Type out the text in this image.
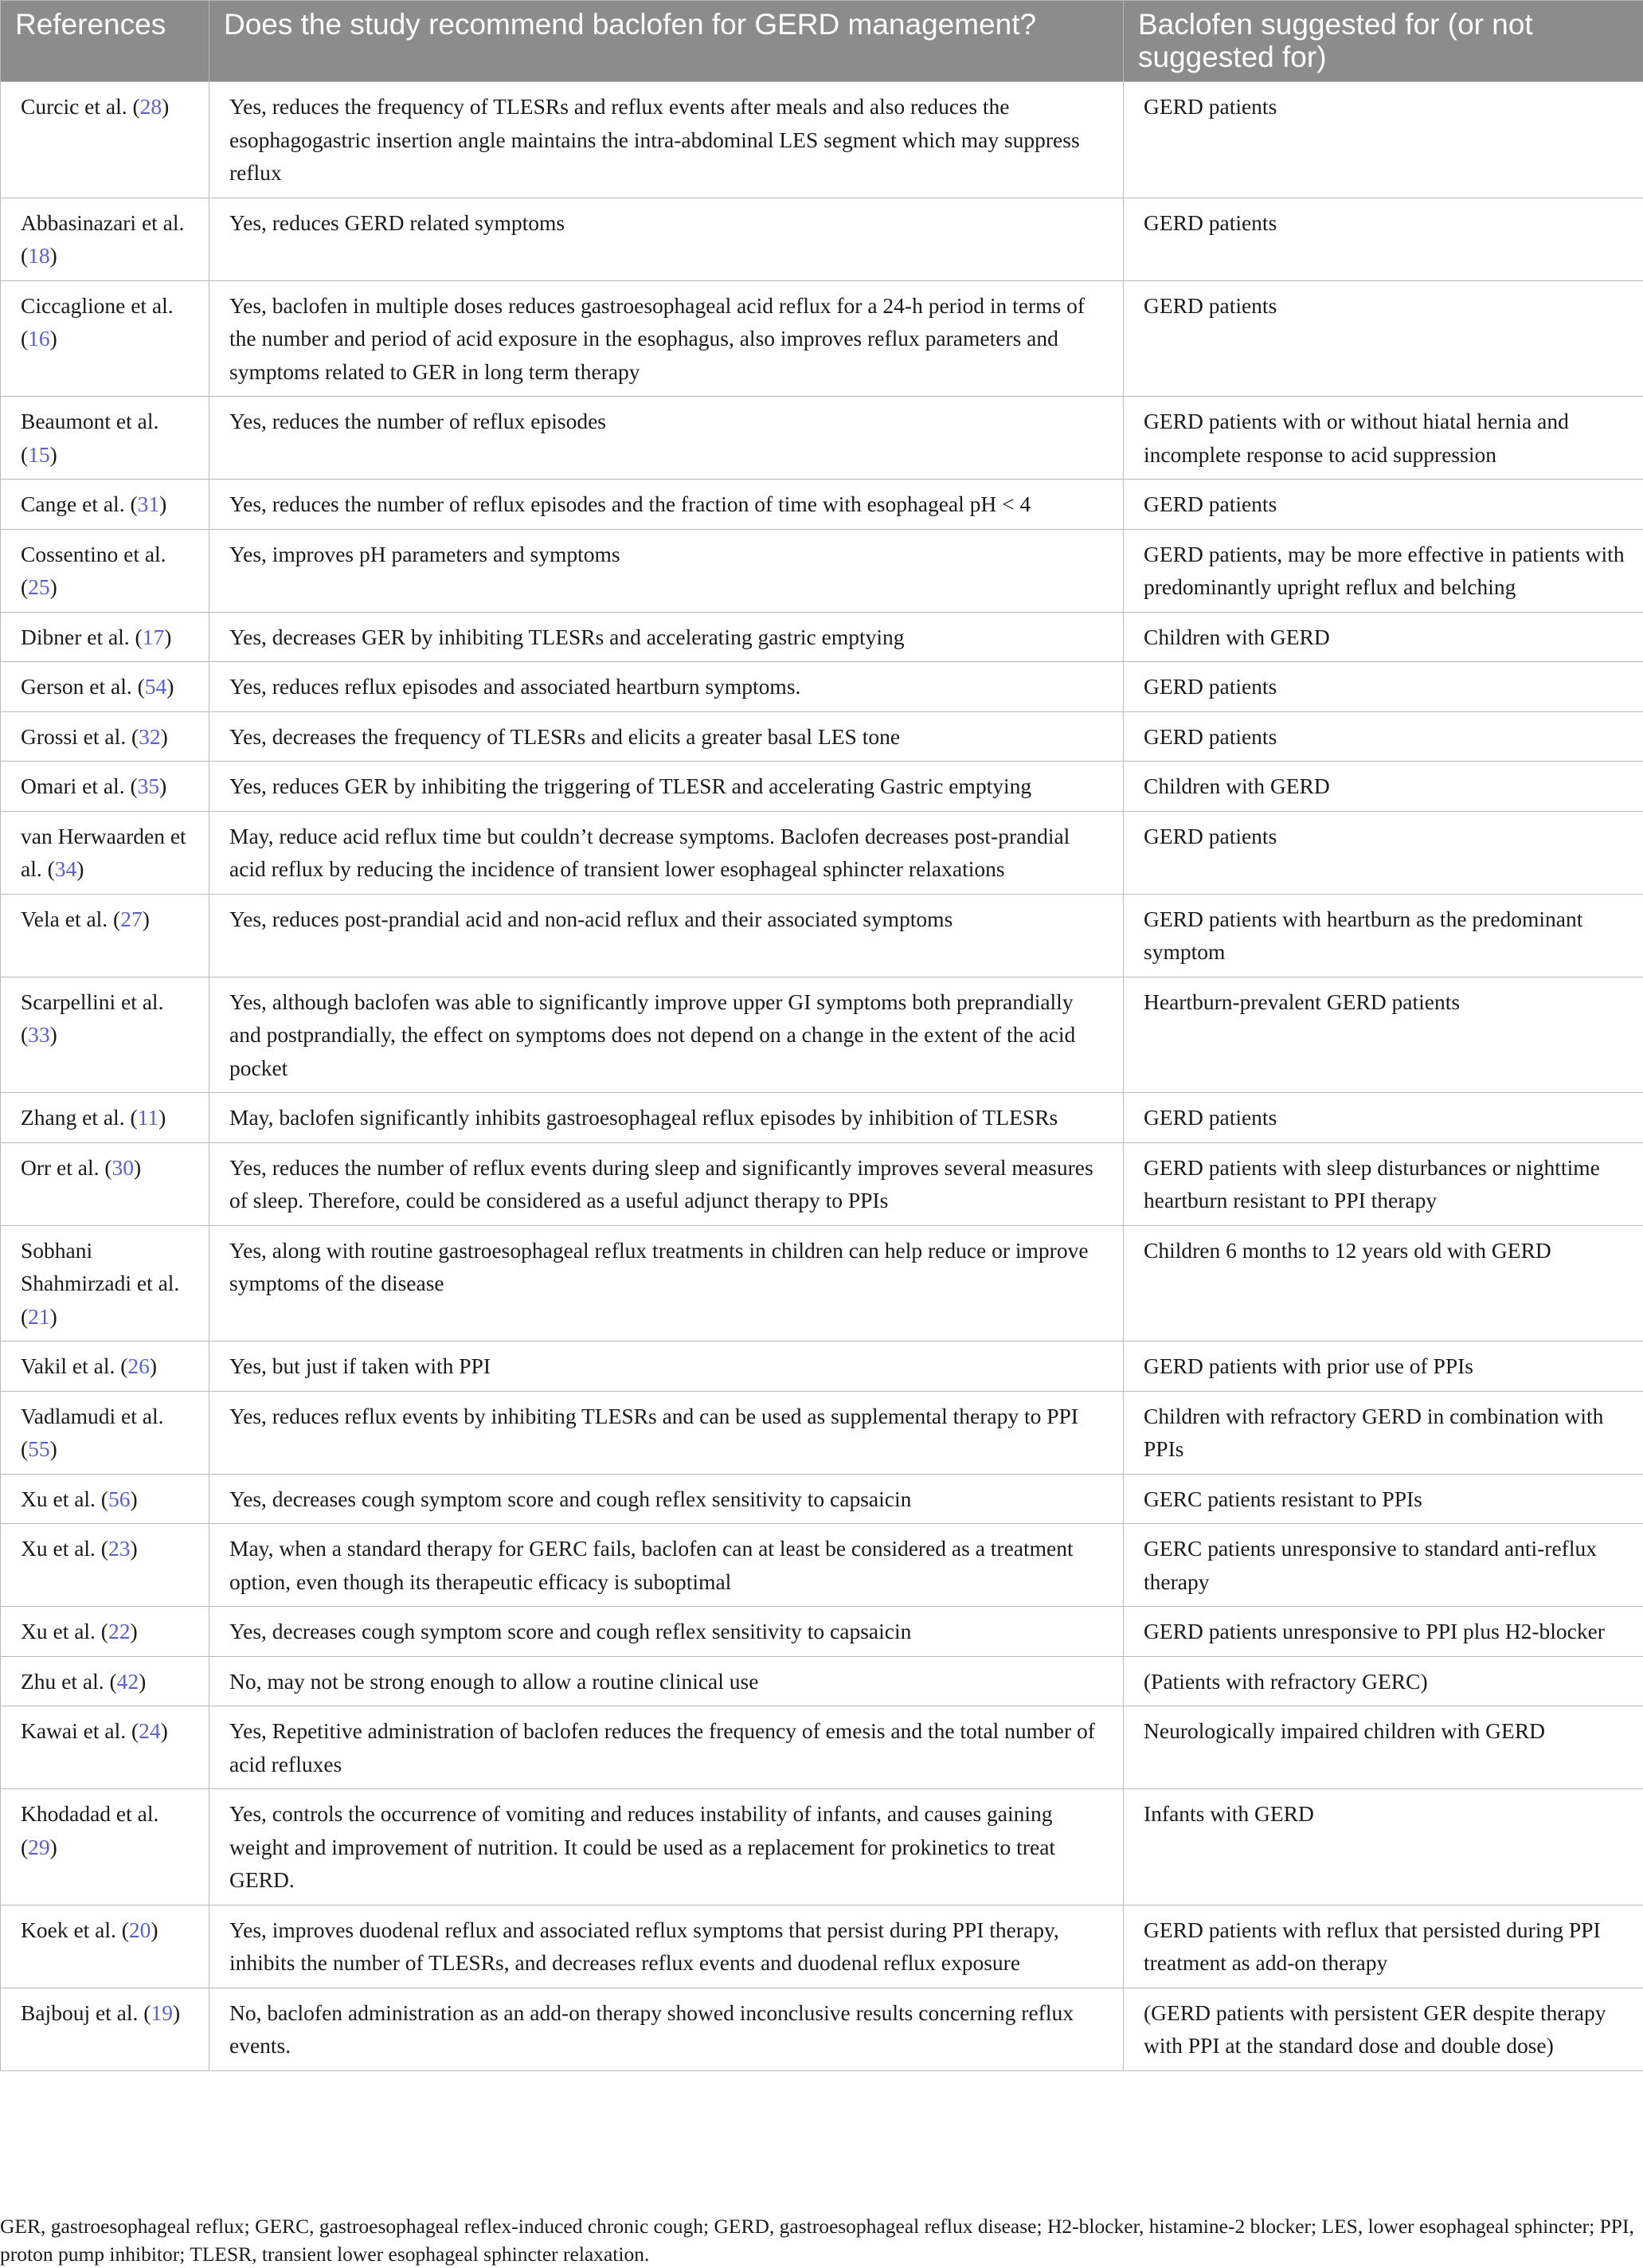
References	Does the study recommend baclofen for GERD management?	Baclofen suggested for (or not suggested for)
Curcic et al. (28)	Yes, reduces the frequency of TLESRs and reflux events after meals and also reduces the esophagogastric insertion angle maintains the intra-abdominal LES segment which may suppress reflux	GERD patients
Abbasinazari et al. (18)	Yes, reduces GERD related symptoms	GERD patients
Ciccaglione et al. (16)	Yes, baclofen in multiple doses reduces gastroesophageal acid reflux for a 24-h period in terms of the number and period of acid exposure in the esophagus, also improves reflux parameters and symptoms related to GER in long term therapy	GERD patients
Beaumont et al. (15)	Yes, reduces the number of reflux episodes	GERD patients with or without hiatal hernia and incomplete response to acid suppression
Cange et al. (31)	Yes, reduces the number of reflux episodes and the fraction of time with esophageal pH < 4	GERD patients
Cossentino et al. (25)	Yes, improves pH parameters and symptoms	GERD patients, may be more effective in patients with predominantly upright reflux and belching
Dibner et al. (17)	Yes, decreases GER by inhibiting TLESRs and accelerating gastric emptying	Children with GERD
Gerson et al. (54)	Yes, reduces reflux episodes and associated heartburn symptoms.	GERD patients
Grossi et al. (32)	Yes, decreases the frequency of TLESRs and elicits a greater basal LES tone	GERD patients
Omari et al. (35)	Yes, reduces GER by inhibiting the triggering of TLESR and accelerating Gastric emptying	Children with GERD
van Herwaarden et al. (34)	May, reduce acid reflux time but couldn’t decrease symptoms. Baclofen decreases post-prandial acid reflux by reducing the incidence of transient lower esophageal sphincter relaxations	GERD patients
Vela et al. (27)	Yes, reduces post-prandial acid and non-acid reflux and their associated symptoms	GERD patients with heartburn as the predominant symptom
Scarpellini et al. (33)	Yes, although baclofen was able to significantly improve upper GI symptoms both preprandially and postprandially, the effect on symptoms does not depend on a change in the extent of the acid pocket	Heartburn-prevalent GERD patients
Zhang et al. (11)	May, baclofen significantly inhibits gastroesophageal reflux episodes by inhibition of TLESRs	GERD patients
Orr et al. (30)	Yes, reduces the number of reflux events during sleep and significantly improves several measures of sleep. Therefore, could be considered as a useful adjunct therapy to PPIs	GERD patients with sleep disturbances or nighttime heartburn resistant to PPI therapy
Sobhani Shahmirzadi et al. (21)	Yes, along with routine gastroesophageal reflux treatments in children can help reduce or improve symptoms of the disease	Children 6 months to 12 years old with GERD
Vakil et al. (26)	Yes, but just if taken with PPI	GERD patients with prior use of PPIs
Vadlamudi et al. (55)	Yes, reduces reflux events by inhibiting TLESRs and can be used as supplemental therapy to PPI	Children with refractory GERD in combination with PPIs
Xu et al. (56)	Yes, decreases cough symptom score and cough reflex sensitivity to capsaicin	GERC patients resistant to PPIs
Xu et al. (23)	May, when a standard therapy for GERC fails, baclofen can at least be considered as a treatment option, even though its therapeutic efficacy is suboptimal	GERC patients unresponsive to standard anti-reflux therapy
Xu et al. (22)	Yes, decreases cough symptom score and cough reflex sensitivity to capsaicin	GERD patients unresponsive to PPI plus H2-blocker
Zhu et al. (42)	No, may not be strong enough to allow a routine clinical use	(Patients with refractory GERC)
Kawai et al. (24)	Yes, Repetitive administration of baclofen reduces the frequency of emesis and the total number of acid refluxes	Neurologically impaired children with GERD
Khodadad et al. (29)	Yes, controls the occurrence of vomiting and reduces instability of infants, and causes gaining weight and improvement of nutrition. It could be used as a replacement for prokinetics to treat GERD.	Infants with GERD
Koek et al. (20)	Yes, improves duodenal reflux and associated reflux symptoms that persist during PPI therapy, inhibits the number of TLESRs, and decreases reflux events and duodenal reflux exposure	GERD patients with reflux that persisted during PPI treatment as add-on therapy
Bajbouj et al. (19)	No, baclofen administration as an add-on therapy showed inconclusive results concerning reflux events.	(GERD patients with persistent GER despite therapy with PPI at the standard dose and double dose)

GER, gastroesophageal reflux; GERC, gastroesophageal reflex-induced chronic cough; GERD, gastroesophageal reflux disease; H2-blocker, histamine-2 blocker; LES, lower esophageal sphincter; PPI, proton pump inhibitor; TLESR, transient lower esophageal sphincter relaxation.
